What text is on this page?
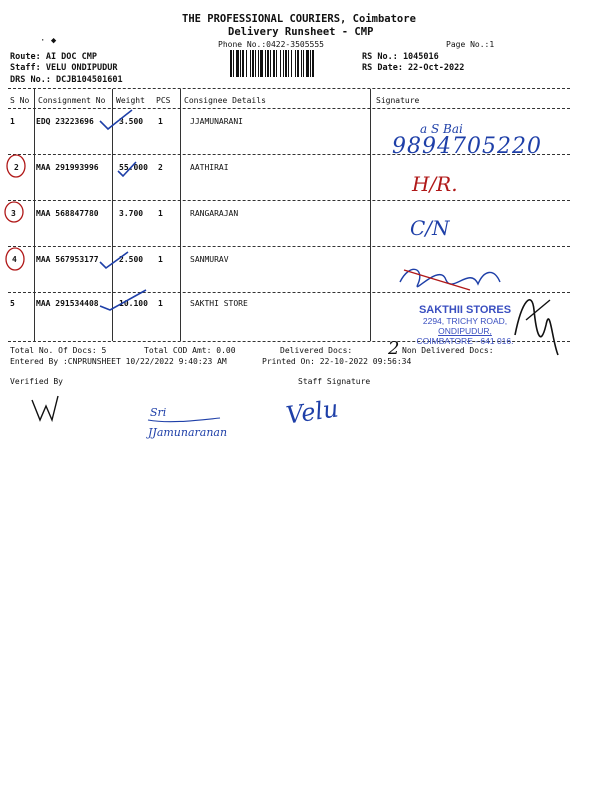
THE PROFESSIONAL COURIERS, Coimbatore
Delivery Runsheet - CMP
Phone No.:0422-3505555	Page No.:1
· ◆
Route: AI DOC CMP
Staff: VELU ONDIPUDUR
DRS No.: DCJB104501601
RS No.: 1045016
RS Date: 22-Oct-2022
S No Consignment No Weight PCS Consignee Details	Signature
1	EDQ 23223696	3.500 1	JJAMUNARANI
2 MAA 291993996	55.000 2	AATHIRAI
3	MAA 568847780	3.700 1	RANGARAJAN
4 MAA 567953177	2.500 1	SANMURAV
5	MAA 291534408	10.100 1	SAKTHI STORE
Total No. Of Docs: 5	Total COD Amt: 0.00	Delivered Docs:	Non Delivered Docs:
Entered By :CNPRUNSHEET 10/22/2022 9:40:23 AM	Printed On: 22-10-2022 09:56:34
Verified By	Staff Signature
a S Bai
9894705220
H/R.
C/N
2
Sri
JJamunaranan
Velu
SAKTHII STORES
2294, TRICHY ROAD,
ONDIPUDUR,
COIMBATORE - 641 016.
